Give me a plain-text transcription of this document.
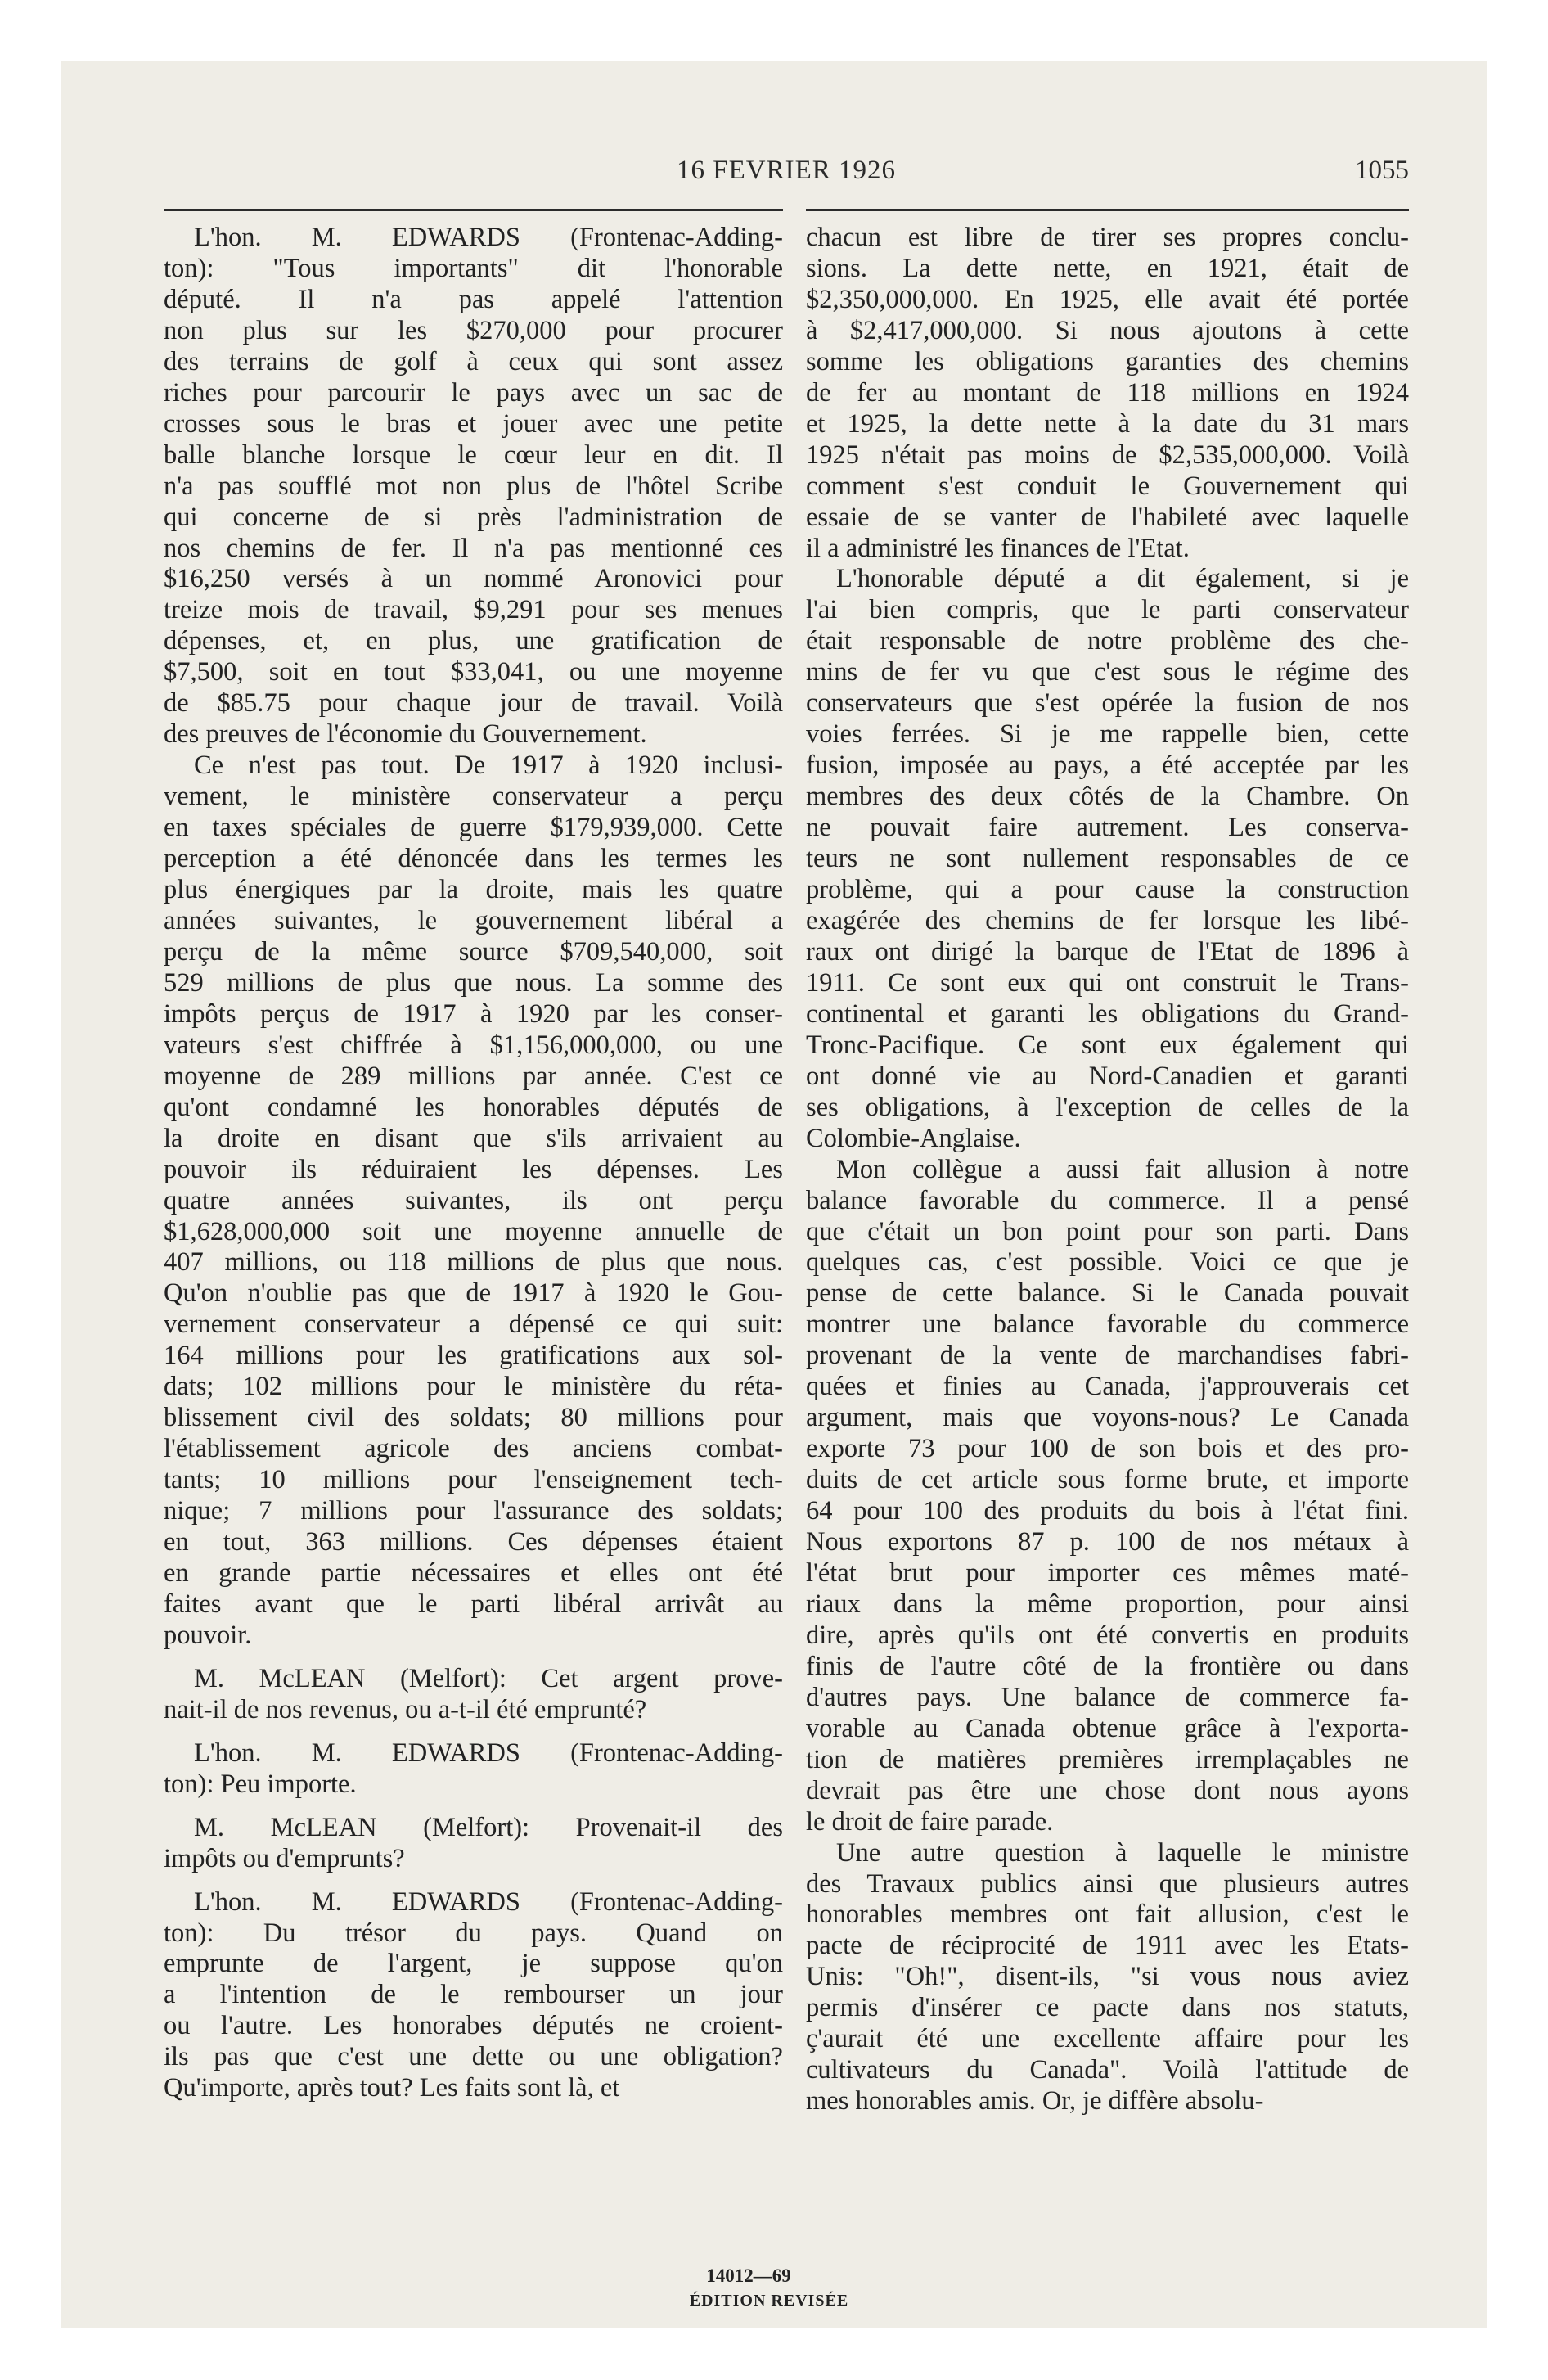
16 FEVRIER 1926	1055

L'hon. M. EDWARDS (Frontenac-Adding-
ton): "Tous importants" dit l'honorable
député. Il n'a pas appelé l'attention
non plus sur les $270,000 pour procurer
des terrains de golf à ceux qui sont assez
riches pour parcourir le pays avec un sac de
crosses sous le bras et jouer avec une petite
balle blanche lorsque le cœur leur en dit. Il
n'a pas soufflé mot non plus de l'hôtel Scribe
qui concerne de si près l'administration de
nos chemins de fer. Il n'a pas mentionné ces
$16,250 versés à un nommé Aronovici pour
treize mois de travail, $9,291 pour ses menues
dépenses, et, en plus, une gratification de
$7,500, soit en tout $33,041, ou une moyenne
de $85.75 pour chaque jour de travail. Voilà
des preuves de l'économie du Gouvernement.

Ce n'est pas tout. De 1917 à 1920 inclusi-
vement, le ministère conservateur a perçu
en taxes spéciales de guerre $179,939,000. Cette
perception a été dénoncée dans les termes les
plus énergiques par la droite, mais les quatre
années suivantes, le gouvernement libéral a
perçu de la même source $709,540,000, soit
529 millions de plus que nous. La somme des
impôts perçus de 1917 à 1920 par les conser-
vateurs s'est chiffrée à $1,156,000,000, ou une
moyenne de 289 millions par année. C'est ce
qu'ont condamné les honorables députés de
la droite en disant que s'ils arrivaient au
pouvoir ils réduiraient les dépenses. Les
quatre années suivantes, ils ont perçu
$1,628,000,000 soit une moyenne annuelle de
407 millions, ou 118 millions de plus que nous.
Qu'on n'oublie pas que de 1917 à 1920 le Gou-
vernement conservateur a dépensé ce qui suit:
164 millions pour les gratifications aux sol-
dats; 102 millions pour le ministère du réta-
blissement civil des soldats; 80 millions pour
l'établissement agricole des anciens combat-
tants; 10 millions pour l'enseignement tech-
nique; 7 millions pour l'assurance des soldats;
en tout, 363 millions. Ces dépenses étaient
en grande partie nécessaires et elles ont été
faites avant que le parti libéral arrivât au
pouvoir.

M. McLEAN (Melfort): Cet argent prove-
nait-il de nos revenus, ou a-t-il été emprunté?

L'hon. M. EDWARDS (Frontenac-Adding-
ton): Peu importe.

M. McLEAN (Melfort): Provenait-il des
impôts ou d'emprunts?

L'hon. M. EDWARDS (Frontenac-Adding-
ton): Du trésor du pays. Quand on
emprunte de l'argent, je suppose qu'on
a l'intention de le rembourser un jour
ou l'autre. Les honorabes députés ne croient-
ils pas que c'est une dette ou une obligation?
Qu'importe, après tout? Les faits sont là, et

chacun est libre de tirer ses propres conclu-
sions. La dette nette, en 1921, était de
$2,350,000,000. En 1925, elle avait été portée
à $2,417,000,000. Si nous ajoutons à cette
somme les obligations garanties des chemins
de fer au montant de 118 millions en 1924
et 1925, la dette nette à la date du 31 mars
1925 n'était pas moins de $2,535,000,000. Voilà
comment s'est conduit le Gouvernement qui
essaie de se vanter de l'habileté avec laquelle
il a administré les finances de l'Etat.

L'honorable député a dit également, si je
l'ai bien compris, que le parti conservateur
était responsable de notre problème des che-
mins de fer vu que c'est sous le régime des
conservateurs que s'est opérée la fusion de nos
voies ferrées. Si je me rappelle bien, cette
fusion, imposée au pays, a été acceptée par les
membres des deux côtés de la Chambre. On
ne pouvait faire autrement. Les conserva-
teurs ne sont nullement responsables de ce
problème, qui a pour cause la construction
exagérée des chemins de fer lorsque les libé-
raux ont dirigé la barque de l'Etat de 1896 à
1911. Ce sont eux qui ont construit le Trans-
continental et garanti les obligations du Grand-
Tronc-Pacifique. Ce sont eux également qui
ont donné vie au Nord-Canadien et garanti
ses obligations, à l'exception de celles de la
Colombie-Anglaise.

Mon collègue a aussi fait allusion à notre
balance favorable du commerce. Il a pensé
que c'était un bon point pour son parti. Dans
quelques cas, c'est possible. Voici ce que je
pense de cette balance. Si le Canada pouvait
montrer une balance favorable du commerce
provenant de la vente de marchandises fabri-
quées et finies au Canada, j'approuverais cet
argument, mais que voyons-nous? Le Canada
exporte 73 pour 100 de son bois et des pro-
duits de cet article sous forme brute, et importe
64 pour 100 des produits du bois à l'état fini.
Nous exportons 87 p. 100 de nos métaux à
l'état brut pour importer ces mêmes maté-
riaux dans la même proportion, pour ainsi
dire, après qu'ils ont été convertis en produits
finis de l'autre côté de la frontière ou dans
d'autres pays. Une balance de commerce fa-
vorable au Canada obtenue grâce à l'exporta-
tion de matières premières irremplaçables ne
devrait pas être une chose dont nous ayons
le droit de faire parade.

Une autre question à laquelle le ministre
des Travaux publics ainsi que plusieurs autres
honorables membres ont fait allusion, c'est le
pacte de réciprocité de 1911 avec les Etats-
Unis: "Oh!", disent-ils, "si vous nous aviez
permis d'insérer ce pacte dans nos statuts,
ç'aurait été une excellente affaire pour les
cultivateurs du Canada". Voilà l'attitude de
mes honorables amis. Or, je diffère absolu-

14012—69
ÉDITION REVISÉE
